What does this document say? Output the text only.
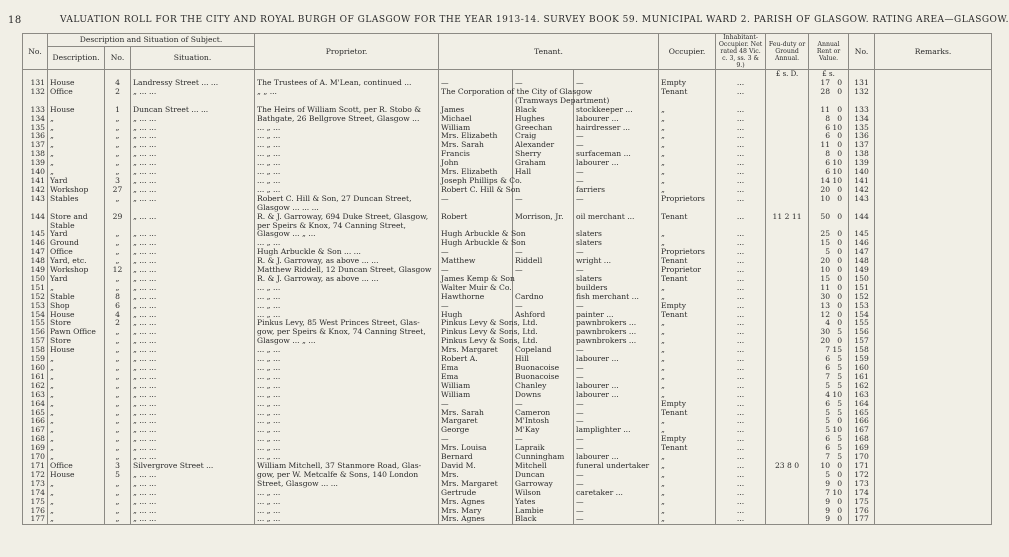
18	VALUATION ROLL FOR THE CITY AND ROYAL BURGH OF GLASGOW FOR THE YEAR 1913-14. SURVEY BOOK 59. MUNICIPAL WARD 2. PARISH OF GLASGOW. RATING AREA—GLASGOW.
No.	Description and Situation of Subject.			Proprietor.	Tenant.			Occupier.	Inhabitant-Occupier. Net rated 48 Vic. c. 3, ss. 3 & 9.)	Feu-duty or Ground Annual.	Annual Rent or Value.	No.	Remarks.
	Description.	No.	Situation.										
										£ s. D.	£ s.		
131	House	4	Landressy Street ... ...	The Trustees of A. M'Lean, continued ...	—	—	—	Empty	...		17 0	131	
132	Office	2	„ ... ...	„ „ ...	The Corporation of the City of Glasgow			Tenant	...		28 0	132	
						(Tramways Department)							
133	House	1	Duncan Street ... ...	The Heirs of William Scott, per R. Stobo &	James	Black	stockkeeper ...	„	...		11 0	133	
134	„	„	„ ... ...	Bathgate, 26 Bellgrove Street, Glasgow ...	Michael	Hughes	labourer ...	„	...		8 0	134	
135	„	„	„ ... ...	... „ ...	William	Greechan	hairdresser ...	„	...		6 10	135	
136	„	„	„ ... ...	... „ ...	Mrs. Elizabeth	Craig	—	„	...		6 0	136	
137	„	„	„ ... ...	... „ ...	Mrs. Sarah	Alexander	—	„	...		11 0	137	
138	„	„	„ ... ...	... „ ...	Francis	Sherry	surfaceman ...	„	...		8 0	138	
139	„	„	„ ... ...	... „ ...	John	Graham	labourer ...	„	...		6 10	139	
140	„	„	„ ... ...	... „ ...	Mrs. Elizabeth	Hall	—	„	...		6 10	140	
141	Yard	3	„ ... ...	... „ ...	Joseph Phillips & Co.		—	„	...		14 10	141	
142	Workshop	27	„ ... ...	... „ ...	Robert C. Hill & Son		farriers	„	...		20 0	142	
143	Stables	„	„ ... ...	Robert C. Hill & Son, 27 Duncan Street,	—	—	—	Proprietors	...		10 0	143	
				Glasgow ... ... ...									
144	Store and	29	„ ... ...	R. & J. Garroway, 694 Duke Street, Glasgow,	Robert	Morrison, Jr.	oil merchant ...	Tenant	...	11 2 11	50 0	144	
	Stable			per Speirs & Knox, 74 Canning Street,									
145	Yard	„	„ ... ...	Glasgow ... „ ...	Hugh Arbuckle & Son		slaters	„	...		25 0	145	
146	Ground	„	„ ... ...	... „ ...	Hugh Arbuckle & Son		slaters	„	...		15 0	146	
147	Office	„	„ ... ...	Hugh Arbuckle & Son ... ...	—	—	—	Proprietors	...		5 0	147	
148	Yard, etc.	„	„ ... ...	R. & J. Garroway, as above ... ...	Matthew	Riddell	wright ...	Tenant	...		20 0	148	
149	Workshop	12	„ ... ...	Matthew Riddell, 12 Duncan Street, Glasgow	—	—	—	Proprietor	...		10 0	149	
150	Yard	„	„ ... ...	R. & J. Garroway, as above ... ...	James Kemp & Son		slaters	Tenant	...		15 0	150	
151	„	„	„ ... ...	... „ ...	Walter Muir & Co.		builders	„	...		11 0	151	
152	Stable	8	„ ... ...	... „ ...	Hawthorne	Cardno	fish merchant ...	„	...		30 0	152	
153	Shop	6	„ ... ...	... „ ...	—	—	—	Empty	...		13 0	153	
154	House	4	„ ... ...	... „ ...	Hugh	Ashford	painter ...	Tenant	...		12 0	154	
155	Store	2	„ ... ...	Pinkus Levy, 85 West Princes Street, Glas-	Pinkus Levy & Sons, Ltd.		pawnbrokers ...	„	...		4 0	155	
156	Pawn Office	„	„ ... ...	gow, per Speirs & Knox, 74 Canning Street,	Pinkus Levy & Sons, Ltd.		pawnbrokers ...	„	...		30 5	156	
157	Store	„	„ ... ...	Glasgow ... „ ...	Pinkus Levy & Sons, Ltd.		pawnbrokers ...	„	...		20 0	157	
158	House	„	„ ... ...	... „ ...	Mrs. Margaret	Copeland	—	„	...		7 15	158	
159	„	„	„ ... ...	... „ ...	Robert A.	Hill	labourer ...	„	...		6 5	159	
160	„	„	„ ... ...	... „ ...	Ema	Buonacoise	—	„	...		6 5	160	
161	„	„	„ ... ...	... „ ...	Ema	Buonacoise	—	„	...		7 5	161	
162	„	„	„ ... ...	... „ ...	William	Chanley	labourer ...	„	...		5 5	162	
163	„	„	„ ... ...	... „ ...	William	Downs	labourer ...	„	...		4 10	163	
164	„	„	„ ... ...	... „ ...	—	—	—	Empty	...		6 5	164	
165	„	„	„ ... ...	... „ ...	Mrs. Sarah	Cameron	—	Tenant	...		5 5	165	
166	„	„	„ ... ...	... „ ...	Margaret	M'Intosh	—	„	...		5 0	166	
167	„	„	„ ... ...	... „ ...	George	M'Kay	lamplighter ...	„	...		5 10	167	
168	„	„	„ ... ...	... „ ...	—	—	—	Empty	...		6 5	168	
169	„	„	„ ... ...	... „ ...	Mrs. Louisa	Lapraik	—	Tenant	...		6 5	169	
170	„	„	„ ... ...	... „ ...	Bernard	Cunningham	labourer ...	„	...		7 5	170	
171	Office	3	Silvergrove Street ...	William Mitchell, 37 Stanmore Road, Glas-	David M.	Mitchell	funeral undertaker	„	...	23 8 0	10 0	171	
172	House	5	„ ... ...	gow, per W. Metcalfe & Sons, 140 London	Mrs.	Duncan	—	„	...		5 0	172	
173	„	„	„ ... ...	Street, Glasgow ... ...	Mrs. Margaret	Garroway	—	„	...		9 0	173	
174	„	„	„ ... ...	... „ ...	Gertrude	Wilson	caretaker ...	„	...		7 10	174	
175	„	„	„ ... ...	... „ ...	Mrs. Agnes	Yates	—	„	...		9 0	175	
176	„	„	„ ... ...	... „ ...	Mrs. Mary	Lambie	—	„	...		9 0	176	
177	„	„	„ ... ...	... „ ...	Mrs. Agnes	Black	—	„	...		9 0	177	
